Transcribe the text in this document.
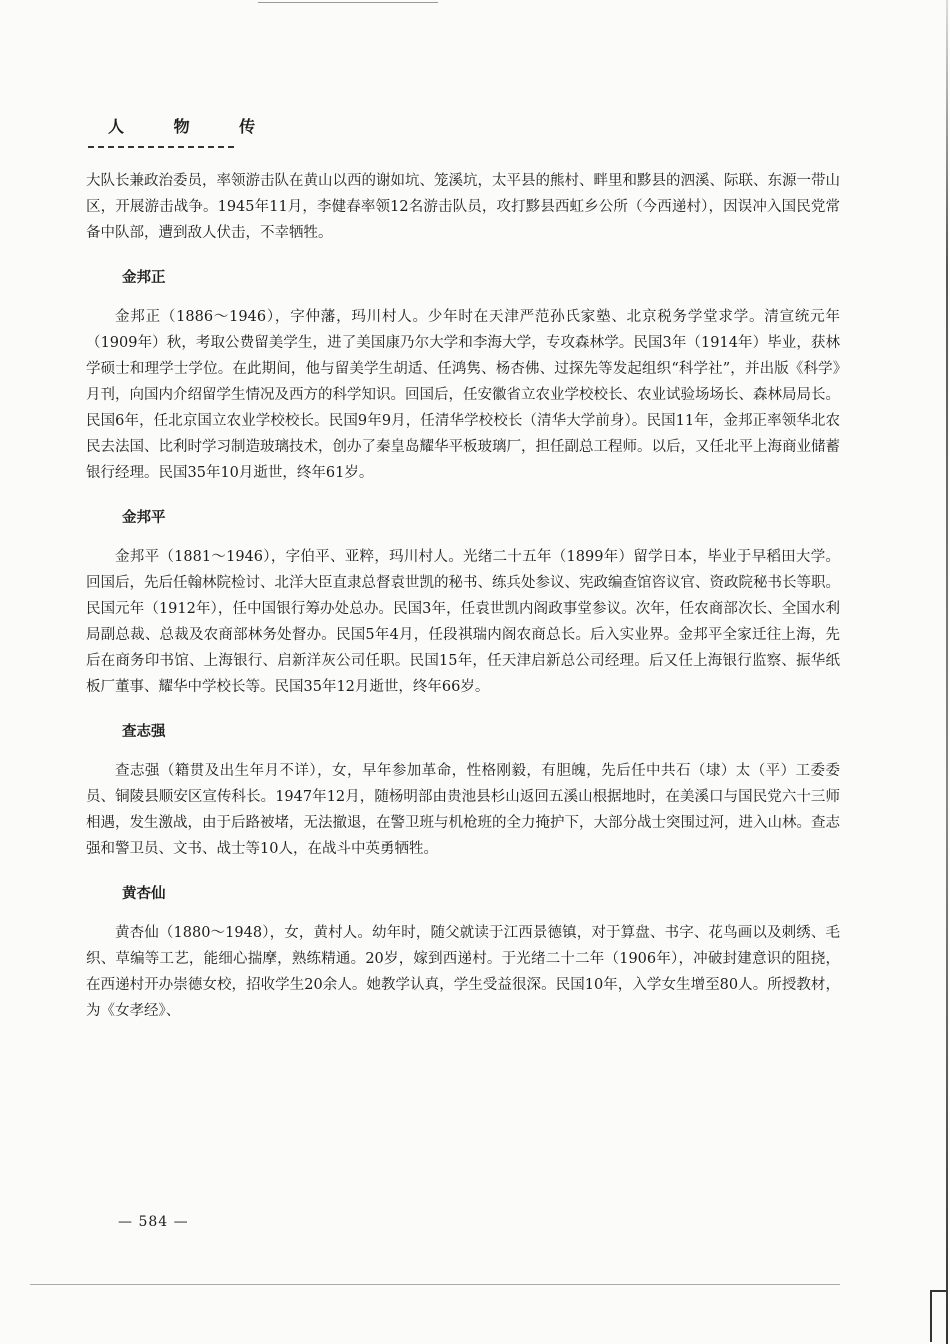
人 物 传

大队长兼政治委员，率领游击队在黄山以西的谢如坑、笼溪坑，太平县的熊村、畔里和黟县的泗溪、际联、东源一带山区，开展游击战争。1945年11月，李健春率领12名游击队员，攻打黟县西虹乡公所（今西递村），因误冲入国民党常备中队部，遭到敌人伏击，不幸牺牲。

金邦正

金邦正（1886～1946），字仲藩，玛川村人。少年时在天津严范孙氏家塾、北京税务学堂求学。清宣统元年（1909年）秋，考取公费留美学生，进了美国康乃尔大学和李海大学，专攻森林学。民国3年（1914年）毕业，获林学硕士和理学士学位。在此期间，他与留美学生胡适、任鸿隽、杨杏佛、过探先等发起组织“科学社”，并出版《科学》月刊，向国内介绍留学生情况及西方的科学知识。回国后，任安徽省立农业学校校长、农业试验场场长、森林局局长。民国6年，任北京国立农业学校校长。民国9年9月，任清华学校校长（清华大学前身）。民国11年，金邦正率领华北农民去法国、比利时学习制造玻璃技术，创办了秦皇岛耀华平板玻璃厂，担任副总工程师。以后，又任北平上海商业储蓄银行经理。民国35年10月逝世，终年61岁。

金邦平

金邦平（1881～1946），字伯平、亚粹，玛川村人。光绪二十五年（1899年）留学日本，毕业于早稻田大学。回国后，先后任翰林院检讨、北洋大臣直隶总督袁世凯的秘书、练兵处参议、宪政编查馆咨议官、资政院秘书长等职。民国元年（1912年），任中国银行筹办处总办。民国3年，任袁世凯内阁政事堂参议。次年，任农商部次长、全国水利局副总裁、总裁及农商部林务处督办。民国5年4月，任段祺瑞内阁农商总长。后入实业界。金邦平全家迁往上海，先后在商务印书馆、上海银行、启新洋灰公司任职。民国15年，任天津启新总公司经理。后又任上海银行监察、振华纸板厂董事、耀华中学校长等。民国35年12月逝世，终年66岁。

查志强

查志强（籍贯及出生年月不详），女，早年参加革命，性格刚毅，有胆魄，先后任中共石（埭）太（平）工委委员、铜陵县顺安区宣传科长。1947年12月，随杨明部由贵池县杉山返回五溪山根据地时，在美溪口与国民党六十三师相遇，发生激战，由于后路被堵，无法撤退，在警卫班与机枪班的全力掩护下，大部分战士突围过河，进入山林。查志强和警卫员、文书、战士等10人，在战斗中英勇牺牲。

黄杏仙

黄杏仙（1880～1948），女，黄村人。幼年时，随父就读于江西景德镇，对于算盘、书字、花鸟画以及刺绣、毛织、草编等工艺，能细心揣摩，熟练精通。20岁，嫁到西递村。于光绪二十二年（1906年），冲破封建意识的阻挠，在西递村开办崇德女校，招收学生20余人。她教学认真，学生受益很深。民国10年，入学女生增至80人。所授教材，为《女孝经》、

— 584 —
